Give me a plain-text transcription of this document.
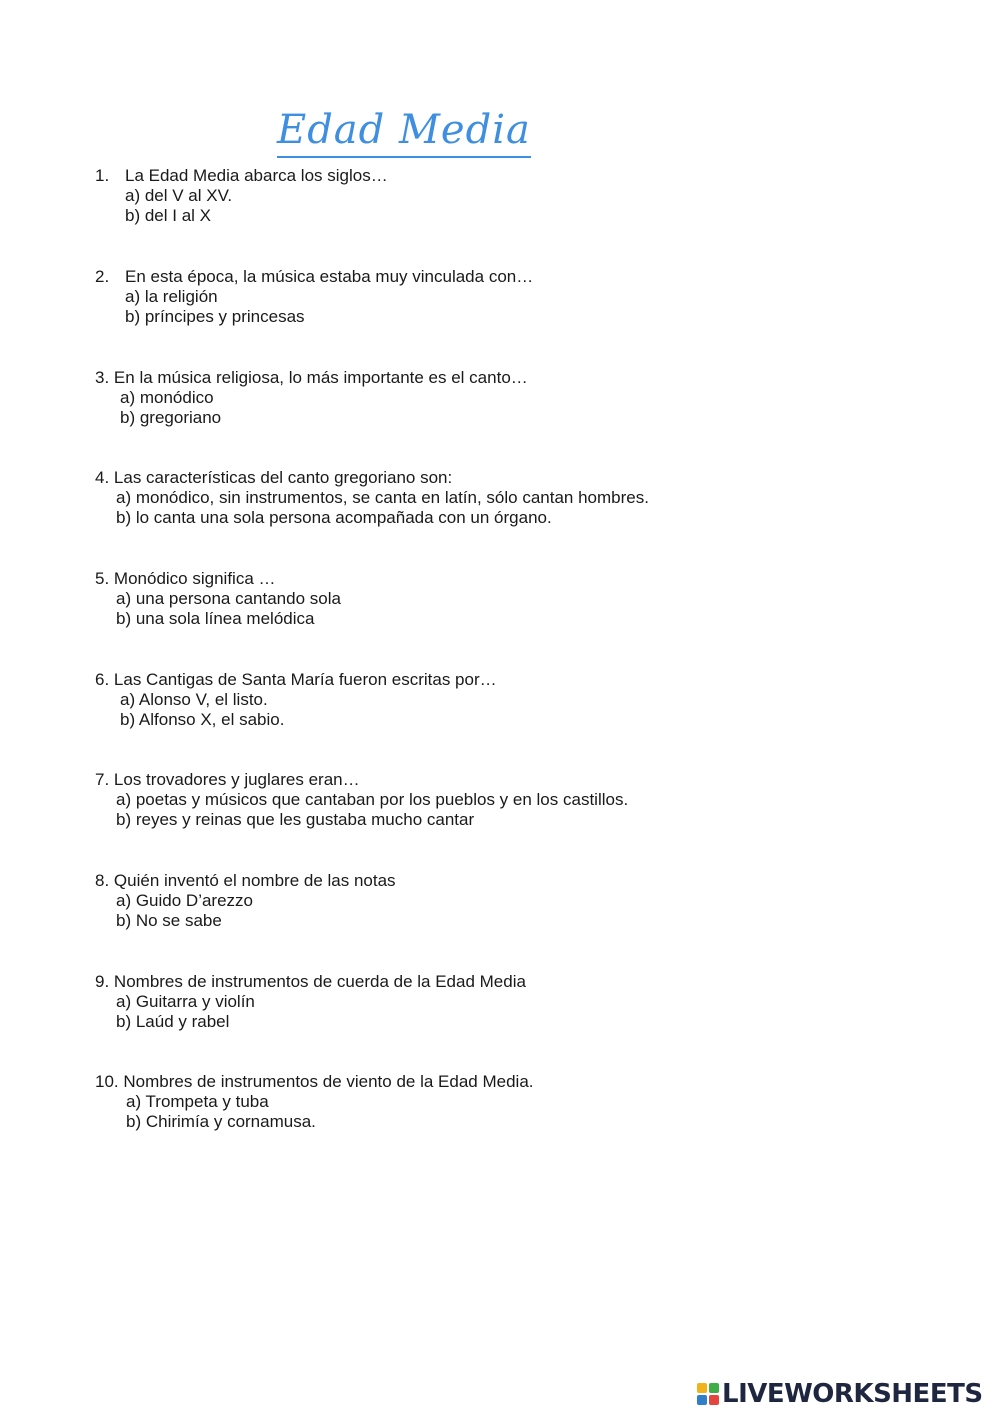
Edad Media
1. La Edad Media abarca los siglos…
a) del V al XV.
b) del I al X
2. En esta época, la música estaba muy vinculada con…
a) la religión
b) príncipes y princesas
3. En la música religiosa, lo más importante es el canto…
a) monódico
b) gregoriano
4. Las características del canto gregoriano son:
a) monódico, sin instrumentos, se canta en latín, sólo cantan hombres.
b) lo canta una sola persona acompañada con un órgano.
5. Monódico significa …
a) una persona cantando sola
b) una sola línea melódica
6. Las Cantigas de Santa María fueron escritas por…
a) Alonso V, el listo.
b) Alfonso X, el sabio.
7. Los trovadores y juglares eran…
a) poetas y músicos que cantaban por los pueblos y en los castillos.
b) reyes y reinas que les gustaba mucho cantar
8. Quién inventó el nombre de las notas
a) Guido D’arezzo
b) No se sabe
9. Nombres de instrumentos de cuerda de la Edad Media
a) Guitarra y violín
b) Laúd y rabel
10. Nombres de instrumentos de viento de la Edad Media.
a) Trompeta y tuba
b) Chirimía y cornamusa.
LIVEWORKSHEETS
